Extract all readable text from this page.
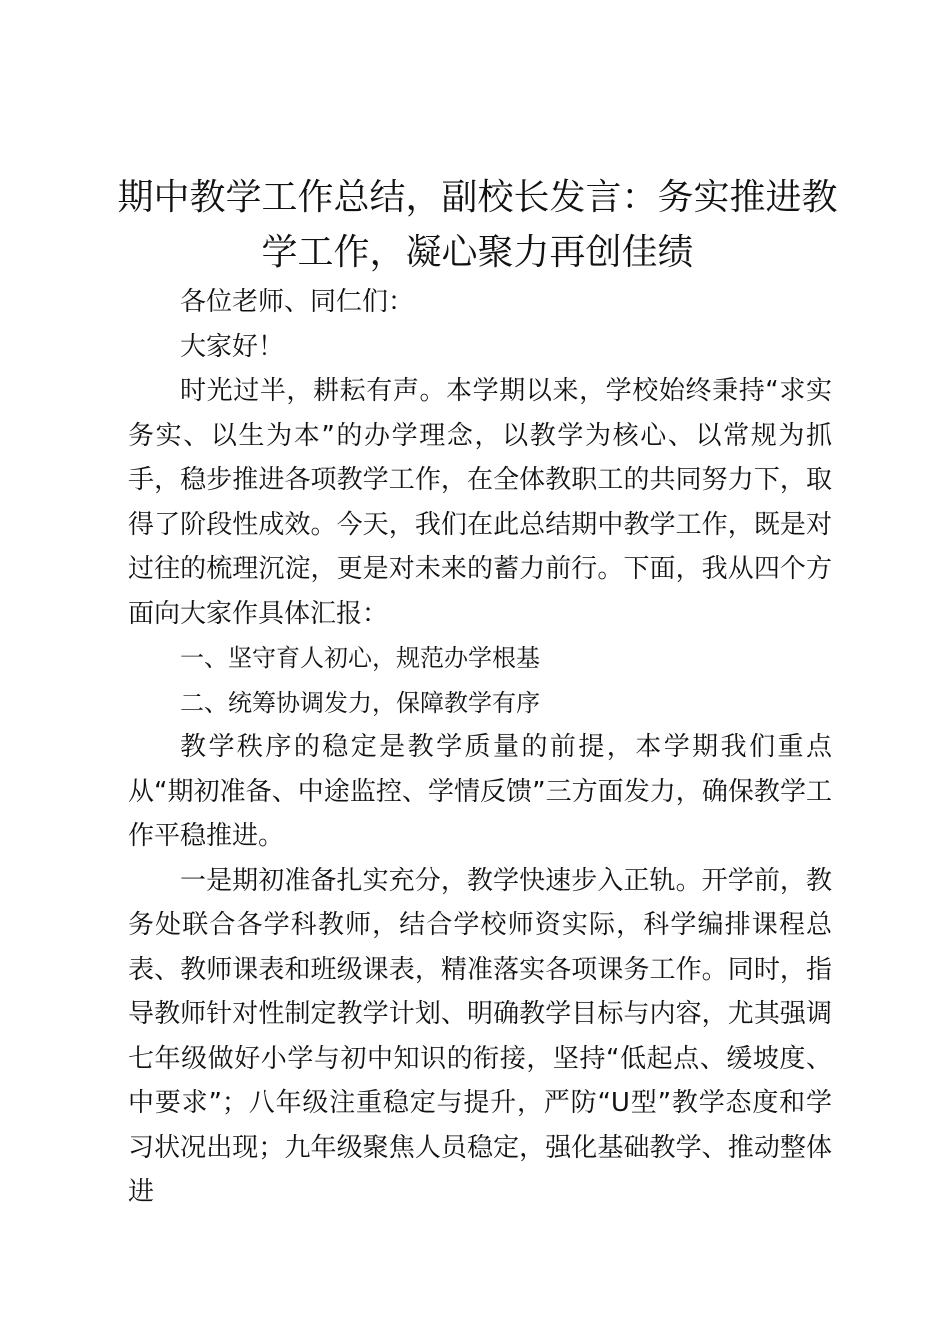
期中教学工作总结，副校长发言：务实推进教学工作，凝心聚力再创佳绩

各位老师、同仁们：

大家好！

时光过半，耕耘有声。本学期以来，学校始终秉持“求实务实、以生为本”的办学理念，以教学为核心、以常规为抓手，稳步推进各项教学工作，在全体教职工的共同努力下，取得了阶段性成效。今天，我们在此总结期中教学工作，既是对过往的梳理沉淀，更是对未来的蓄力前行。下面，我从四个方面向大家作具体汇报：

一、坚守育人初心，规范办学根基

二、统筹协调发力，保障教学有序

教学秩序的稳定是教学质量的前提，本学期我们重点从“期初准备、中途监控、学情反馈”三方面发力，确保教学工作平稳推进。

一是期初准备扎实充分，教学快速步入正轨。开学前，教务处联合各学科教师，结合学校师资实际，科学编排课程总表、教师课表和班级课表，精准落实各项课务工作。同时，指导教师针对性制定教学计划、明确教学目标与内容，尤其强调七年级做好小学与初中知识的衔接，坚持“低起点、缓坡度、中要求”；八年级注重稳定与提升，严防“U型”教学态度和学习状况出现；九年级聚焦人员稳定，强化基础教学、推动整体进
